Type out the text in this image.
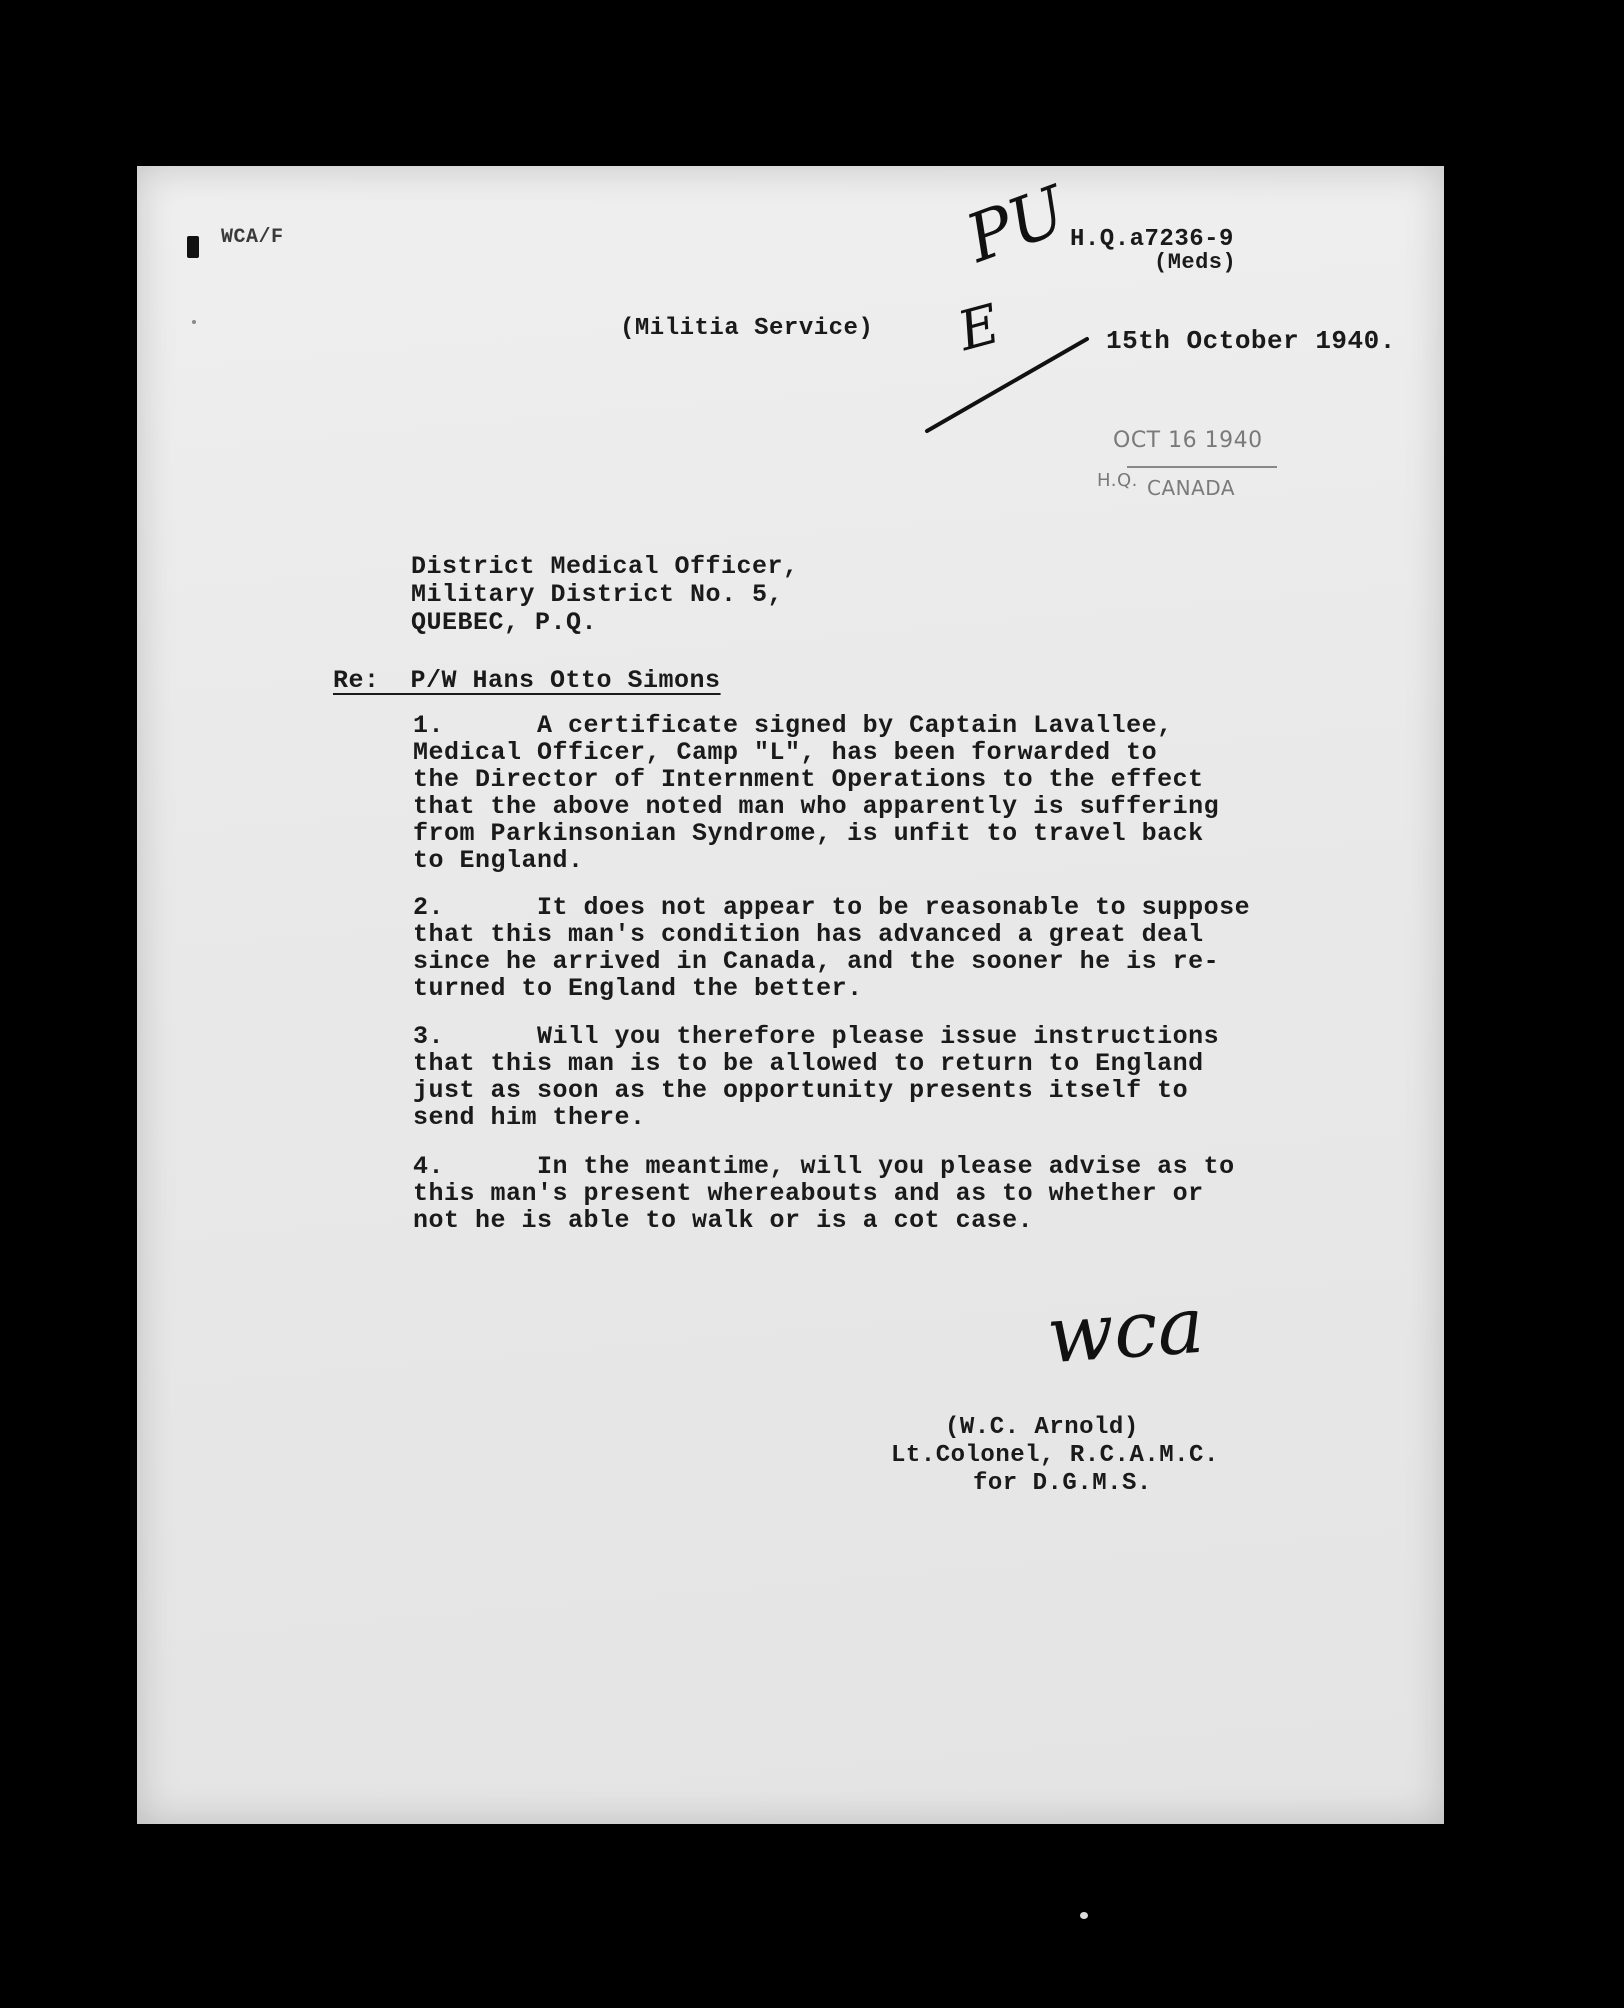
WCA/F	PU
E
H.Q.a7236-9
(Meds)
(Militia Service)	15th October 1940.
OCT 16 1940
H.Q. CANADA
District Medical Officer,
Military District No. 5,
QUEBEC, P.Q.
Re:  P/W Hans Otto Simons
1.      A certificate signed by Captain Lavallee,
Medical Officer, Camp "L", has been forwarded to
the Director of Internment Operations to the effect
that the above noted man who apparently is suffering
from Parkinsonian Syndrome, is unfit to travel back
to England.
2.      It does not appear to be reasonable to suppose
that this man's condition has advanced a great deal
since he arrived in Canada, and the sooner he is re-
turned to England the better.
3.      Will you therefore please issue instructions
that this man is to be allowed to return to England
just as soon as the opportunity presents itself to
send him there.
4.      In the meantime, will you please advise as to
this man's present whereabouts and as to whether or
not he is able to walk or is a cot case.
wca
(W.C. Arnold)
Lt.Colonel, R.C.A.M.C.
for D.G.M.S.
